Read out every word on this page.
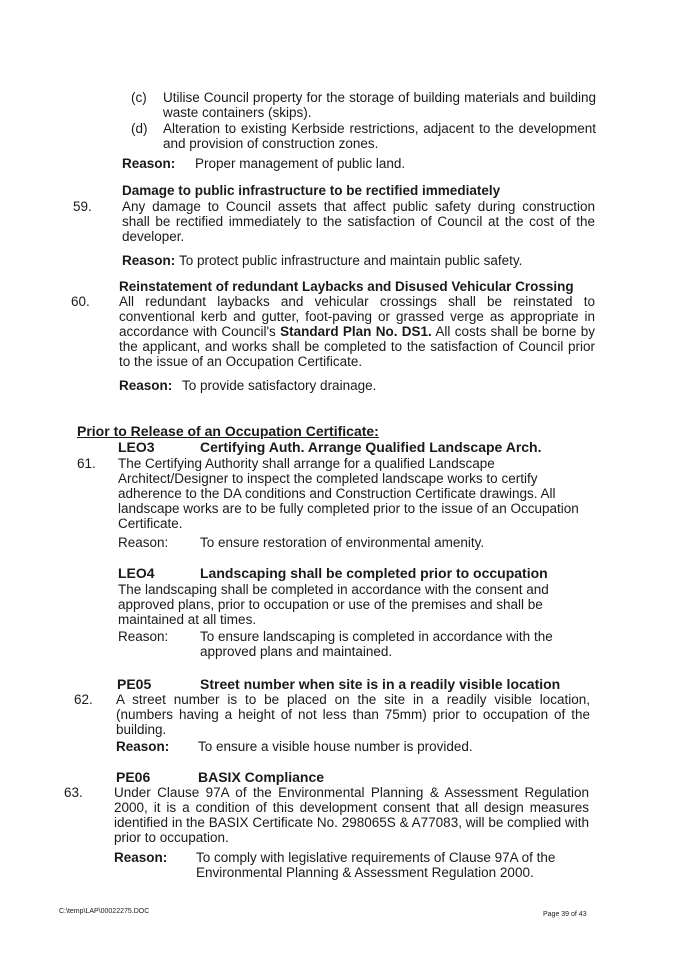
(c) Utilise Council property for the storage of building materials and building waste containers (skips).
(d) Alteration to existing Kerbside restrictions, adjacent to the development and provision of construction zones.
Reason: Proper management of public land.
Damage to public infrastructure to be rectified immediately
59. Any damage to Council assets that affect public safety during construction shall be rectified immediately to the satisfaction of Council at the cost of the developer.
Reason: To protect public infrastructure and maintain public safety.
Reinstatement of redundant Laybacks and Disused Vehicular Crossing
60. All redundant laybacks and vehicular crossings shall be reinstated to conventional kerb and gutter, foot-paving or grassed verge as appropriate in accordance with Council's Standard Plan No. DS1. All costs shall be borne by the applicant, and works shall be completed to the satisfaction of Council prior to the issue of an Occupation Certificate.
Reason: To provide satisfactory drainage.
Prior to Release of an Occupation Certificate:
LEO3	Certifying Auth. Arrange Qualified Landscape Arch.
61. The Certifying Authority shall arrange for a qualified Landscape Architect/Designer to inspect the completed landscape works to certify adherence to the DA conditions and Construction Certificate drawings. All landscape works are to be fully completed prior to the issue of an Occupation Certificate.
Reason: To ensure restoration of environmental amenity.
LEO4	Landscaping shall be completed prior to occupation
The landscaping shall be completed in accordance with the consent and approved plans, prior to occupation or use of the premises and shall be maintained at all times.
Reason: To ensure landscaping is completed in accordance with the approved plans and maintained.
PE05	Street number when site is in a readily visible location
62. A street number is to be placed on the site in a readily visible location, (numbers having a height of not less than 75mm) prior to occupation of the building.
Reason: To ensure a visible house number is provided.
PE06	BASIX Compliance
63. Under Clause 97A of the Environmental Planning & Assessment Regulation 2000, it is a condition of this development consent that all design measures identified in the BASIX Certificate No. 298065S & A77083, will be complied with prior to occupation.
Reason: To comply with legislative requirements of Clause 97A of the Environmental Planning & Assessment Regulation 2000.
C:\temp\LAP\00022275.DOC	Page 39 of 43
